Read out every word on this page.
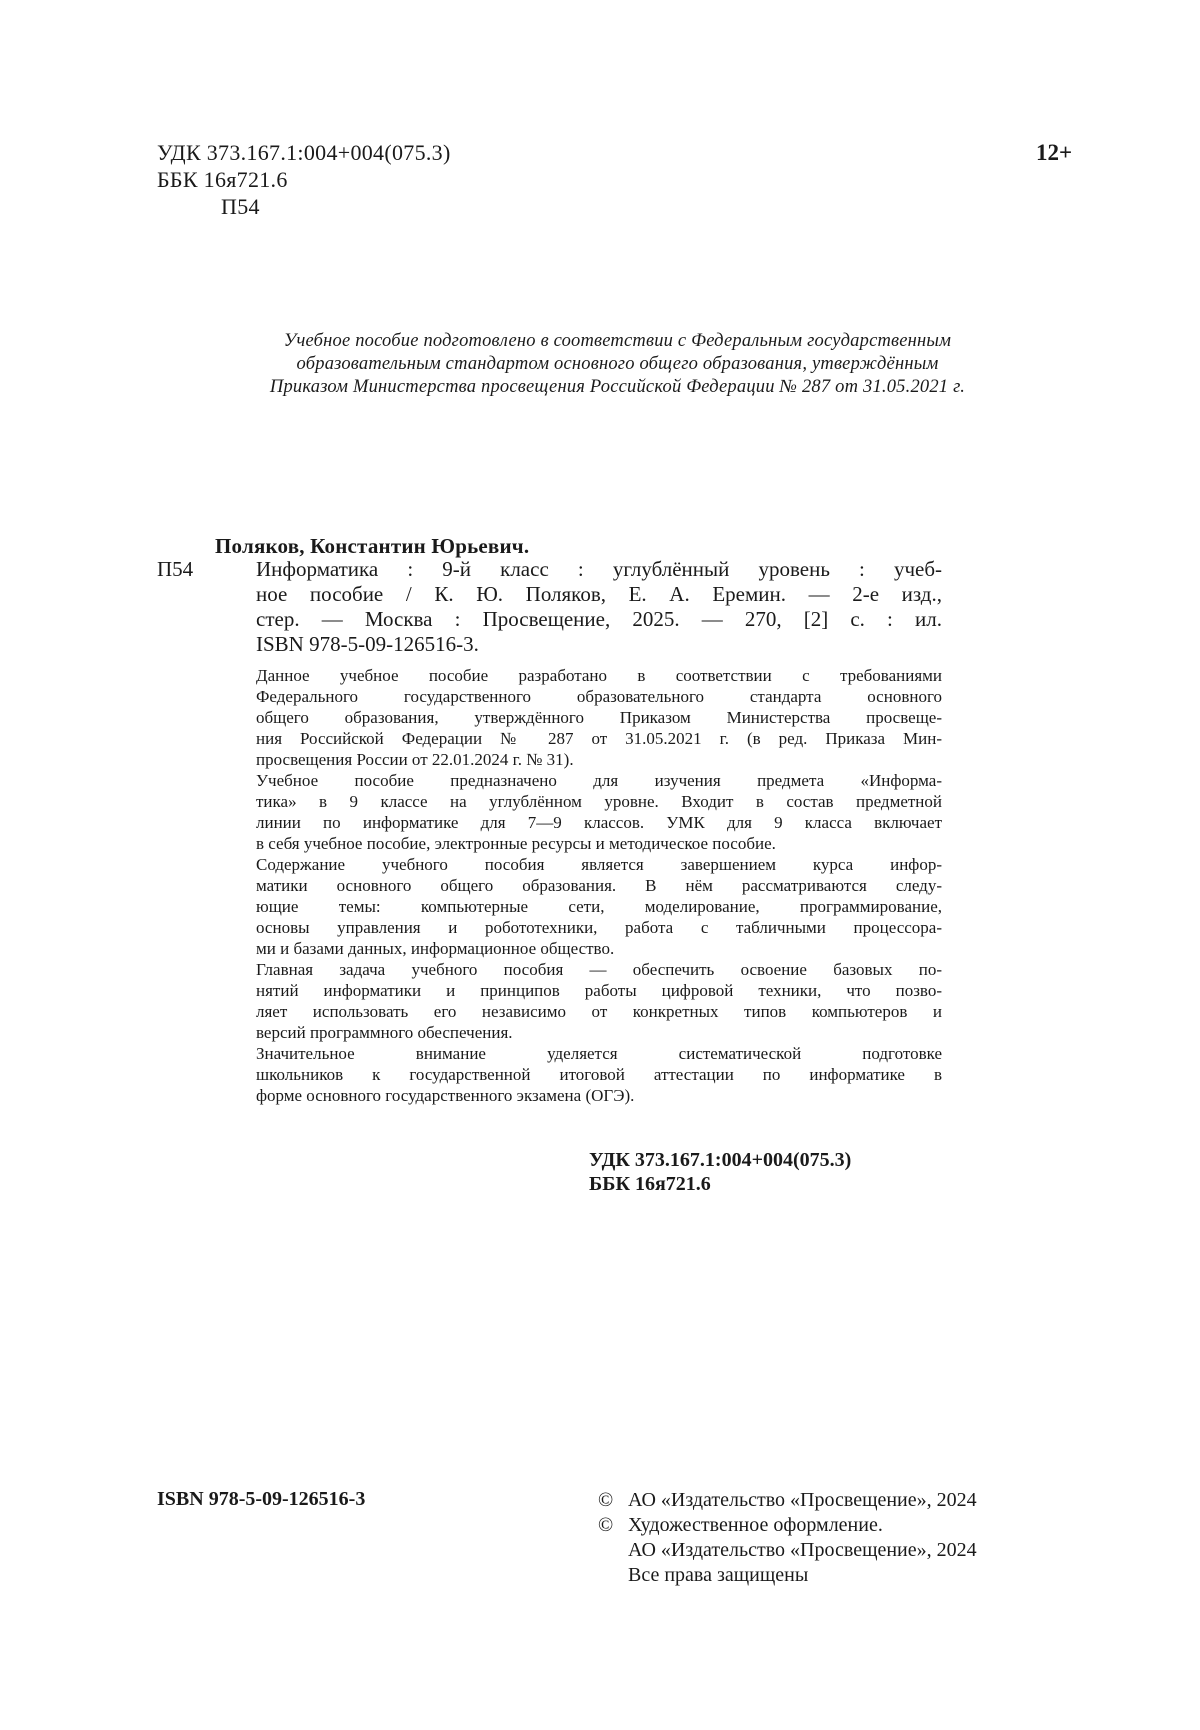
УДК 373.167.1:004+004(075.3)
ББК 16я721.6
П54
12+
Учебное пособие подготовлено в соответствии с Федеральным государственным
образовательным стандартом основного общего образования, утверждённым
Приказом Министерства просвещения Российской Федерации № 287 от 31.05.2021 г.
Поляков, Константин Юрьевич.
П54	Информатика : 9-й класс : углублённый уровень : учеб-
ное пособие / К. Ю. Поляков, Е. А. Еремин. — 2-е изд.,
стер. — Москва : Просвещение, 2025. — 270, [2] с. : ил.
ISBN 978-5-09-126516-3.
Данное учебное пособие разработано в соответствии с требованиями
Федерального государственного образовательного стандарта основного
общего образования, утверждённого Приказом Министерства просвеще-
ния Российской Федерации № 287 от 31.05.2021 г. (в ред. Приказа Мин-
просвещения России от 22.01.2024 г. № 31).
Учебное пособие предназначено для изучения предмета «Информа-
тика» в 9 классе на углублённом уровне. Входит в состав предметной
линии по информатике для 7—9 классов. УМК для 9 класса включает
в себя учебное пособие, электронные ресурсы и методическое пособие.
Содержание учебного пособия является завершением курса инфор-
матики основного общего образования. В нём рассматриваются следу-
ющие темы: компьютерные сети, моделирование, программирование,
основы управления и робототехники, работа с табличными процессора-
ми и базами данных, информационное общество.
Главная задача учебного пособия — обеспечить освоение базовых по-
нятий информатики и принципов работы цифровой техники, что позво-
ляет использовать его независимо от конкретных типов компьютеров и
версий программного обеспечения.
Значительное внимание уделяется систематической подготовке
школьников к государственной итоговой аттестации по информатике в
форме основного государственного экзамена (ОГЭ).
УДК 373.167.1:004+004(075.3)
ББК 16я721.6
ISBN 978-5-09-126516-3	© АО «Издательство «Просвещение», 2024
© Художественное оформление.
АО «Издательство «Просвещение», 2024
Все права защищены
